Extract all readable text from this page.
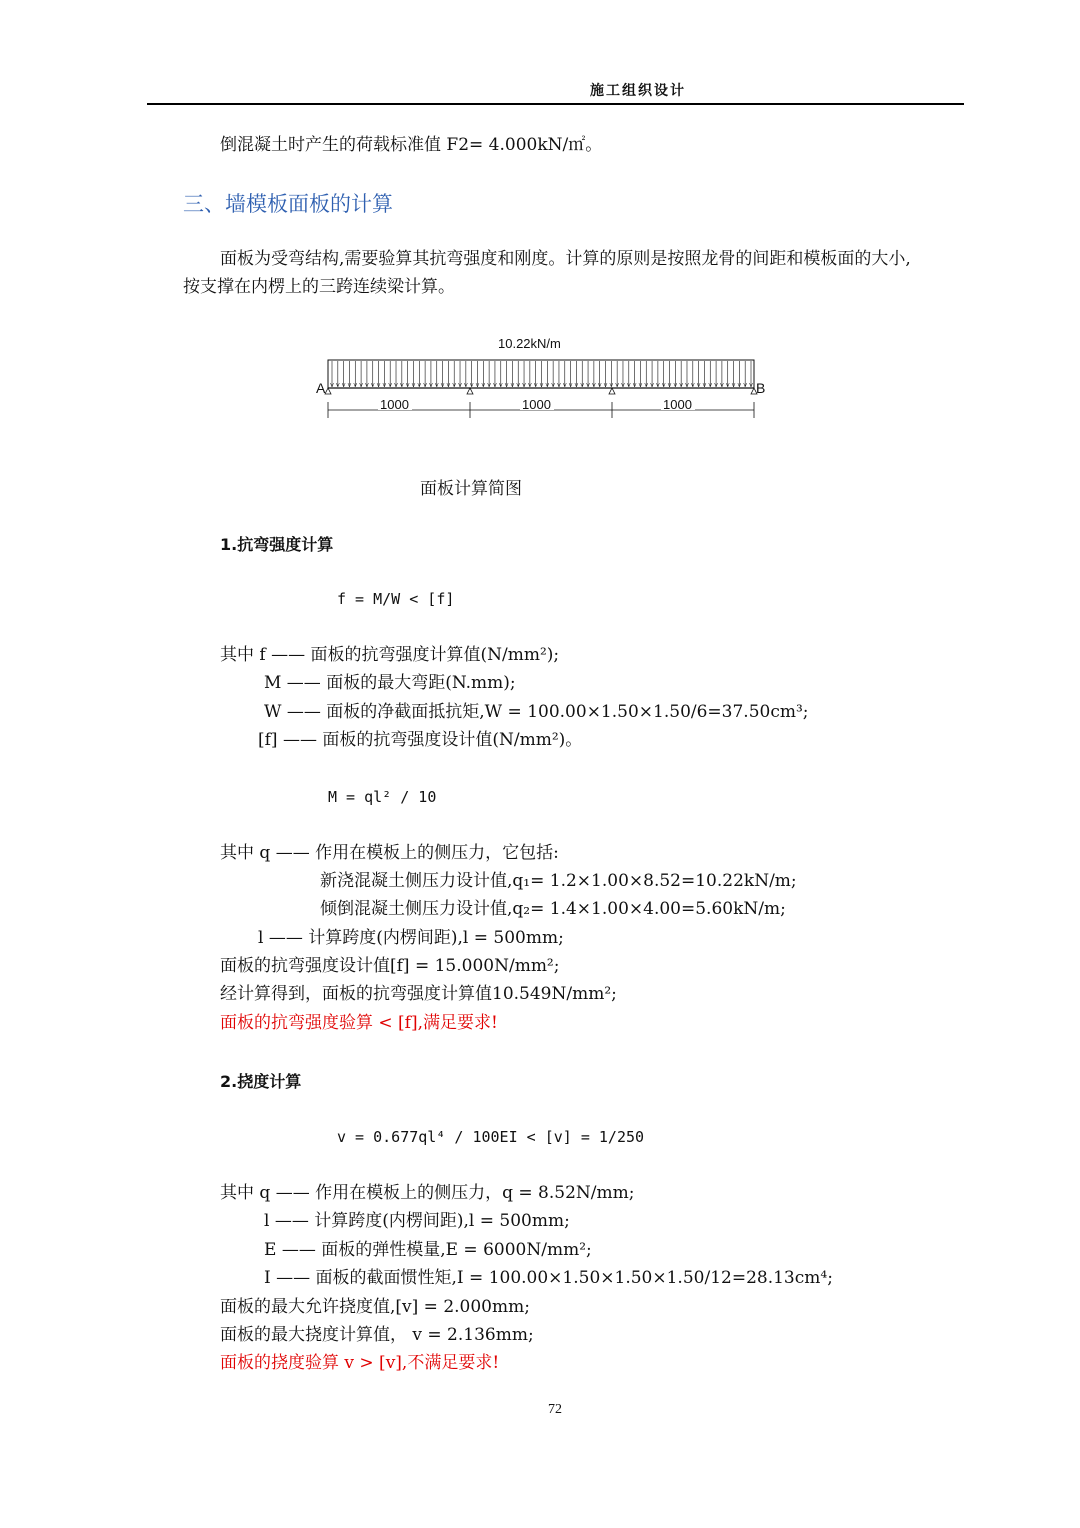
施工组织设计
倒混凝土时产生的荷载标准值 F2= 4.000kN/㎡。
三、墙模板面板的计算
面板为受弯结构,需要验算其抗弯强度和刚度。计算的原则是按照龙骨的间距和模板面的大小,
按支撑在内楞上的三跨连续梁计算。
10.22kN/m
A	B
1000	1000	1000
面板计算简图
1.抗弯强度计算
f = M/W < [f]
其中 f —— 面板的抗弯强度计算值(N/mm²);
M —— 面板的最大弯距(N.mm);
W —— 面板的净截面抵抗矩,W = 100.00×1.50×1.50/6=37.50cm³;
[f] —— 面板的抗弯强度设计值(N/mm²)。
M = ql² / 10
其中 q —— 作用在模板上的侧压力，它包括:
新浇混凝土侧压力设计值,q₁= 1.2×1.00×8.52=10.22kN/m;
倾倒混凝土侧压力设计值,q₂= 1.4×1.00×4.00=5.60kN/m;
l —— 计算跨度(内楞间距),l = 500mm;
面板的抗弯强度设计值[f] = 15.000N/mm²;
经计算得到，面板的抗弯强度计算值10.549N/mm²;
面板的抗弯强度验算 < [f],满足要求!
2.挠度计算
v = 0.677ql⁴ / 100EI < [v] = 1/250
其中 q —— 作用在模板上的侧压力，q = 8.52N/mm;
l —— 计算跨度(内楞间距),l = 500mm;
E —— 面板的弹性模量,E = 6000N/mm²;
I —— 面板的截面惯性矩,I = 100.00×1.50×1.50×1.50/12=28.13cm⁴;
面板的最大允许挠度值,[v] = 2.000mm;
面板的最大挠度计算值， v = 2.136mm;
面板的挠度验算 v > [v],不满足要求!
72
